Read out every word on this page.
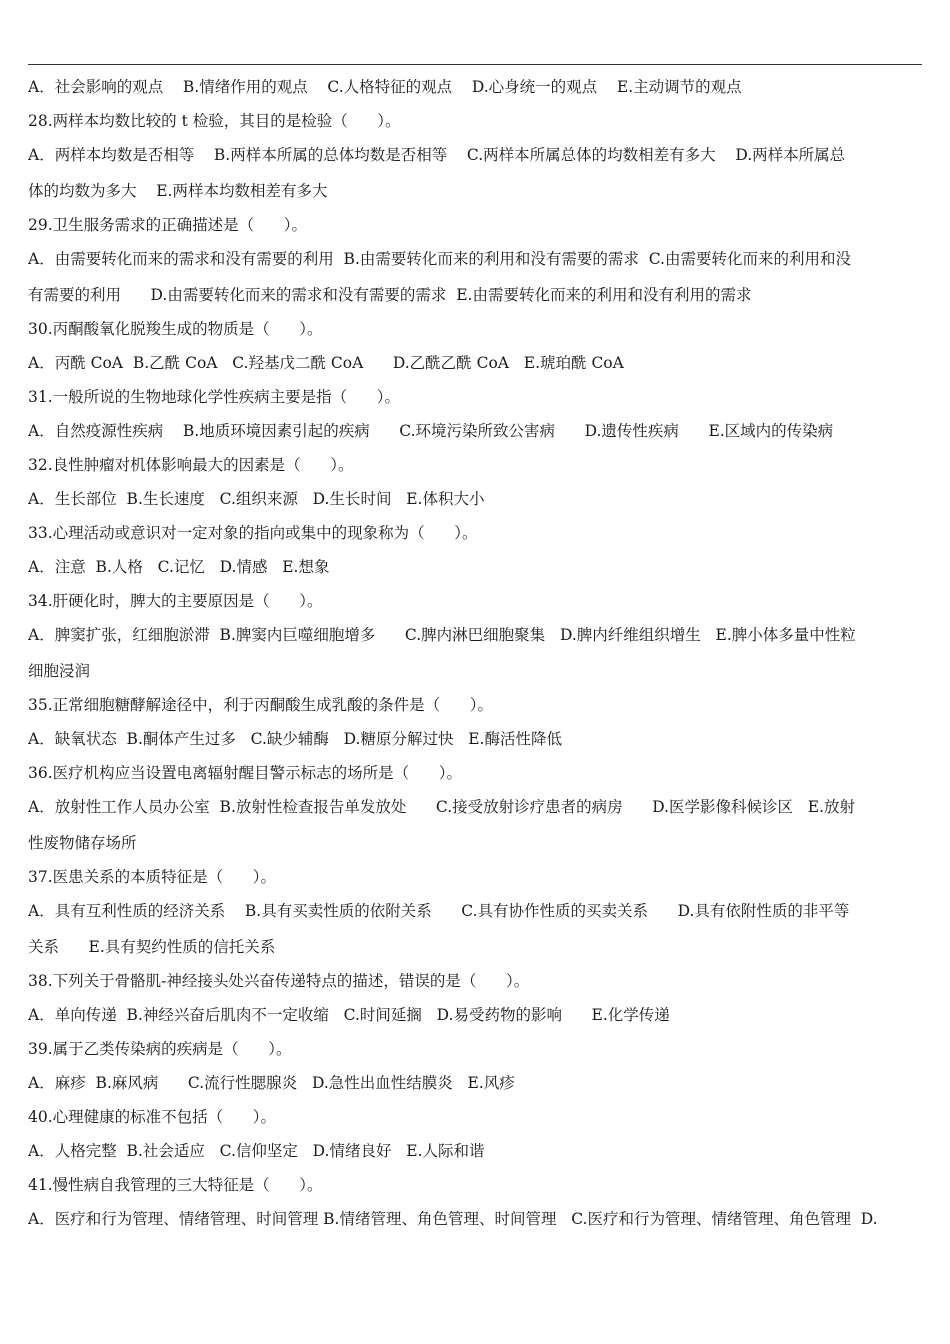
A．社会影响的观点    B.情绪作用的观点    C.人格特征的观点    D.心身统一的观点    E.主动调节的观点
28.两样本均数比较的 t 检验，其目的是检验（      ）。
A．两样本均数是否相等    B.两样本所属的总体均数是否相等    C.两样本所属总体的均数相差有多大    D.两样本所属总
体的均数为多大    E.两样本均数相差有多大
29.卫生服务需求的正确描述是（      ）。
A．由需要转化而来的需求和没有需要的利用  B.由需要转化而来的利用和没有需要的需求  C.由需要转化而来的利用和没
有需要的利用      D.由需要转化而来的需求和没有需要的需求  E.由需要转化而来的利用和没有利用的需求
30.丙酮酸氧化脱羧生成的物质是（      ）。
A．丙酰 CoA  B.乙酰 CoA   C.羟基戊二酰 CoA      D.乙酰乙酰 CoA   E.琥珀酰 CoA
31.一般所说的生物地球化学性疾病主要是指（      ）。
A．自然疫源性疾病    B.地质环境因素引起的疾病      C.环境污染所致公害病      D.遗传性疾病      E.区域内的传染病
32.良性肿瘤对机体影响最大的因素是（      ）。
A．生长部位  B.生长速度   C.组织来源   D.生长时间   E.体积大小
33.心理活动或意识对一定对象的指向或集中的现象称为（      ）。
A．注意  B.人格   C.记忆   D.情感   E.想象
34.肝硬化时，脾大的主要原因是（      ）。
A．脾窦扩张，红细胞淤滞  B.脾窦内巨噬细胞增多      C.脾内淋巴细胞聚集   D.脾内纤维组织增生   E.脾小体多量中性粒
细胞浸润
35.正常细胞糖酵解途径中，利于丙酮酸生成乳酸的条件是（      ）。
A．缺氧状态  B.酮体产生过多   C.缺少辅酶   D.糖原分解过快   E.酶活性降低
36.医疗机构应当设置电离辐射醒目警示标志的场所是（      ）。
A．放射性工作人员办公室  B.放射性检查报告单发放处      C.接受放射诊疗患者的病房      D.医学影像科候诊区   E.放射
性废物储存场所
37.医患关系的本质特征是（      ）。
A．具有互利性质的经济关系    B.具有买卖性质的依附关系      C.具有协作性质的买卖关系      D.具有依附性质的非平等
关系      E.具有契约性质的信托关系
38.下列关于骨骼肌-神经接头处兴奋传递特点的描述，错误的是（      ）。
A．单向传递  B.神经兴奋后肌肉不一定收缩   C.时间延搁   D.易受药物的影响      E.化学传递
39.属于乙类传染病的疾病是（      ）。
A．麻疹  B.麻风病      C.流行性腮腺炎   D.急性出血性结膜炎   E.风疹
40.心理健康的标准不包括（      ）。
A．人格完整  B.社会适应   C.信仰坚定   D.情绪良好   E.人际和谐
41.慢性病自我管理的三大特征是（      ）。
A．医疗和行为管理、情绪管理、时间管理 B.情绪管理、角色管理、时间管理   C.医疗和行为管理、情绪管理、角色管理  D.
